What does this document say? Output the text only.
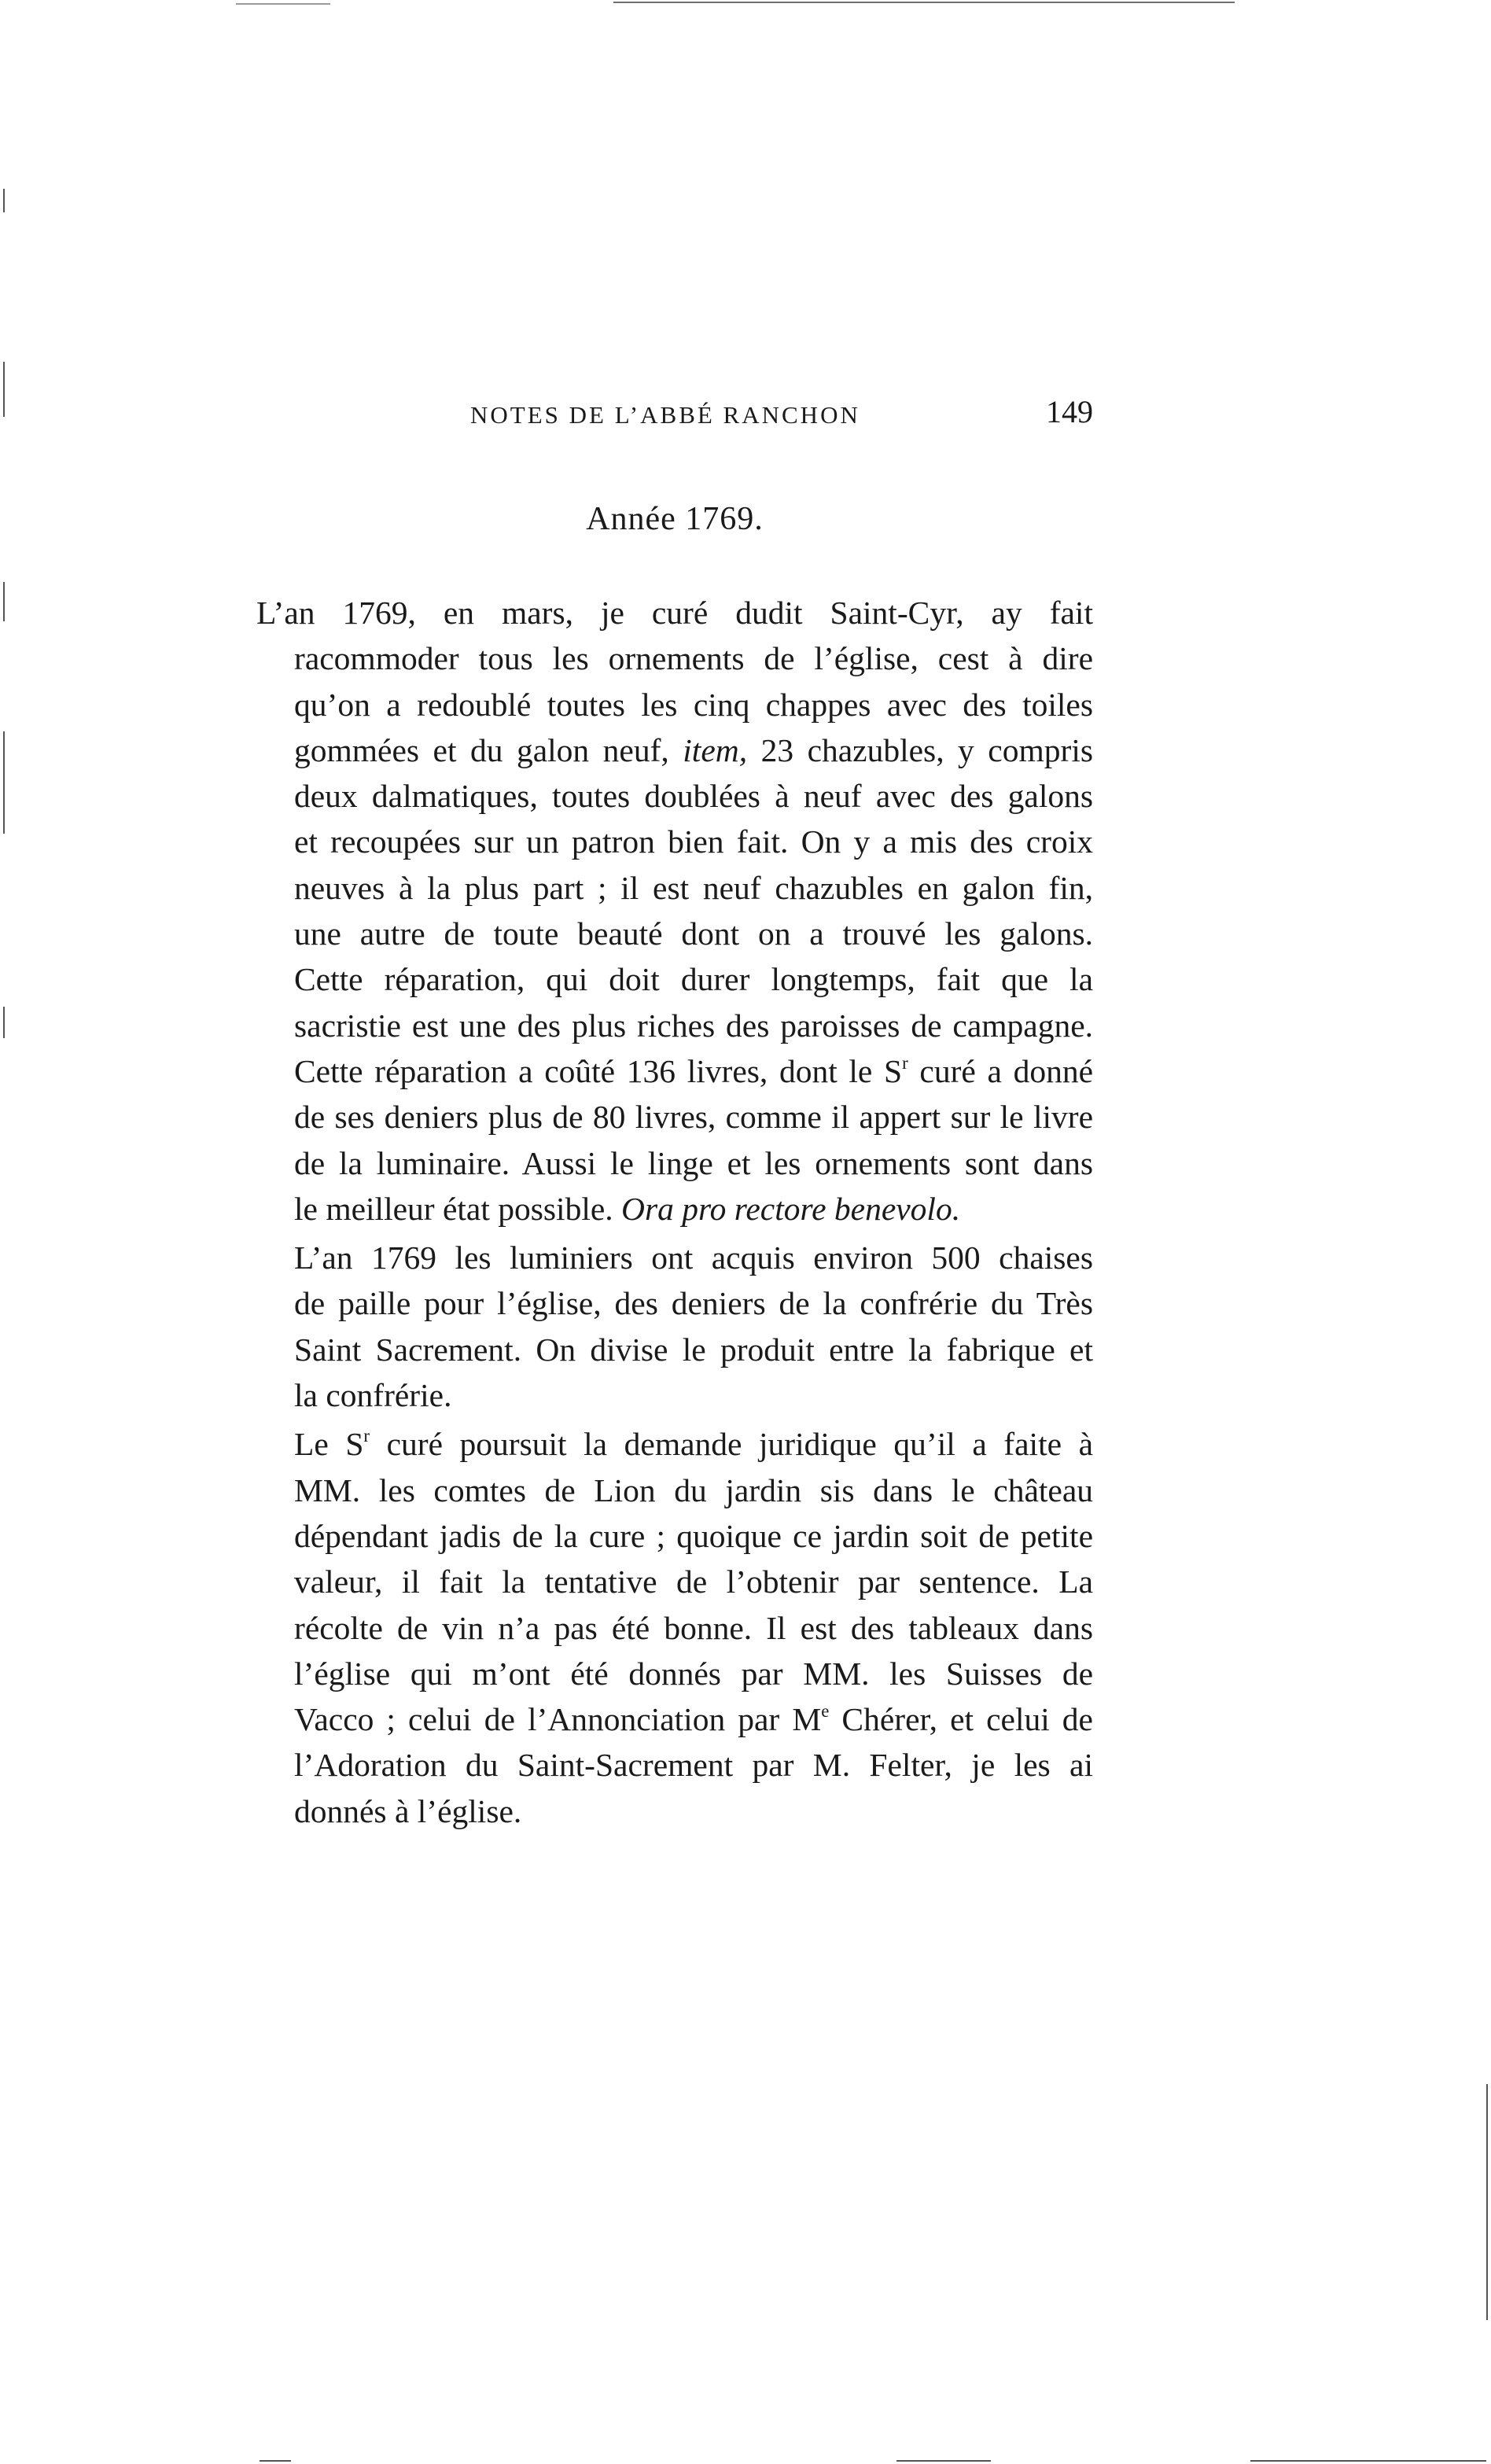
NOTES DE L’ABBÉ RANCHON	149
Année 1769.

L’an 1769, en mars, je curé dudit Saint-Cyr, ay fait
racommoder tous les ornements de l’église, cest à dire
qu’on a redoublé toutes les cinq chappes avec des toiles
gommées et du galon neuf, item, 23 chazubles, y compris
deux dalmatiques, toutes doublées à neuf avec des galons
et recoupées sur un patron bien fait. On y a mis des croix
neuves à la plus part ; il est neuf chazubles en galon fin,
une autre de toute beauté dont on a trouvé les galons.
Cette réparation, qui doit durer longtemps, fait que la
sacristie est une des plus riches des paroisses de campagne.
Cette réparation a coûté 136 livres, dont le $S^r$ curé a donné
de ses deniers plus de 80 livres, comme il appert sur le livre
de la luminaire. Aussi le linge et les ornements sont dans
le meilleur état possible. Ora pro rectore benevolo.

L’an 1769 les luminiers ont acquis environ 500 chaises
de paille pour l’église, des deniers de la confrérie du Très
Saint Sacrement. On divise le produit entre la fabrique et
la confrérie.

Le $S^r$ curé poursuit la demande juridique qu’il a faite à
MM. les comtes de Lion du jardin sis dans le château
dépendant jadis de la cure ; quoique ce jardin soit de petite
valeur, il fait la tentative de l’obtenir par sentence. La
récolte de vin n’a pas été bonne. Il est des tableaux dans
l’église qui m’ont été donnés par MM. les Suisses de
Vacco ; celui de l’Annonciation par Me Chérer, et celui de
l’Adoration du Saint-Sacrement par M. Felter, je les ai
donnés à l’église.
